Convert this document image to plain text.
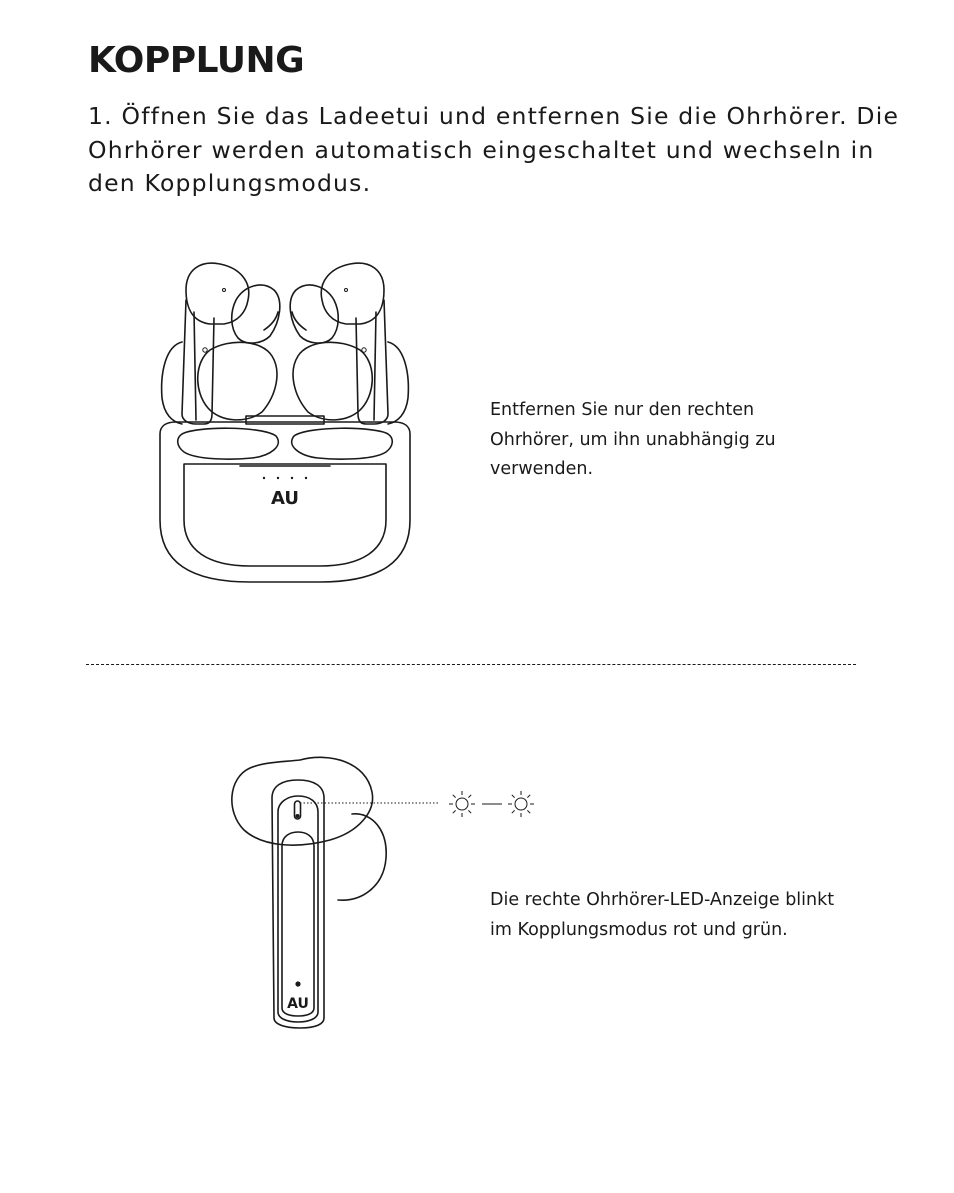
KOPPLUNG

1. Öffnen Sie das Ladeetui und entfernen Sie die Ohrhörer. Die Ohrhörer werden automatisch eingeschaltet und wechseln in den Kopplungsmodus.

AU

Entfernen Sie nur den rechten Ohrhörer, um ihn unabhängig zu verwenden.

AU

Die rechte Ohrhörer-LED-Anzeige blinkt im Kopplungsmodus rot und grün.
